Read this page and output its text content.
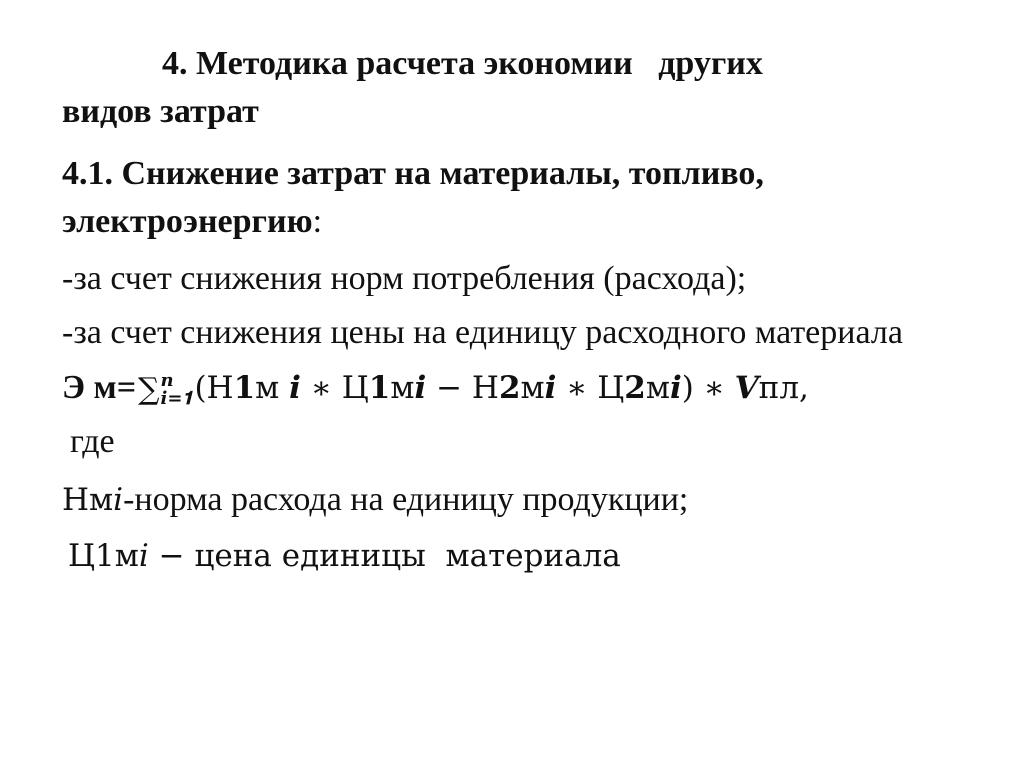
4. Методика расчета экономии   других
видов затрат
4.1. Снижение затрат на материалы, топливо, электроэнергию:
-за счет снижения норм потребления (расхода);
-за счет снижения цены на единицу расходного материала
Э м=∑ 𝒏
𝒊=𝟏 (Н𝟏м 𝒊 ∗ Ц𝟏м𝒊 − Н𝟐м𝒊 ∗ Ц𝟐м𝒊) ∗ 𝑽пл,
где
Нм𝑖-норма расхода на единицу продукции;
Ц1м𝑖 − цена единицы  материала
